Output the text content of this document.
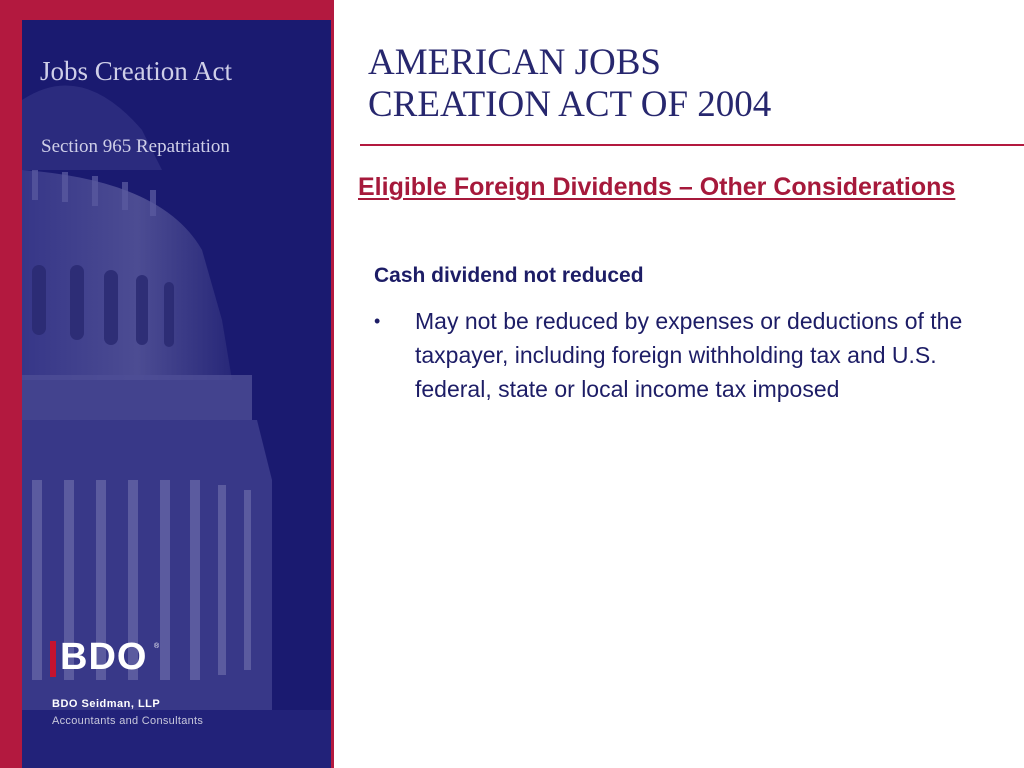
Jobs Creation Act
Section 965 Repatriation
BDO ®
BDO Seidman, LLP
Accountants and Consultants
AMERICAN JOBS
CREATION ACT OF 2004
Eligible Foreign Dividends – Other Considerations
Cash dividend not reduced
• May not be reduced by expenses or deductions of the taxpayer, including foreign withholding tax and U.S. federal, state or local income tax imposed
